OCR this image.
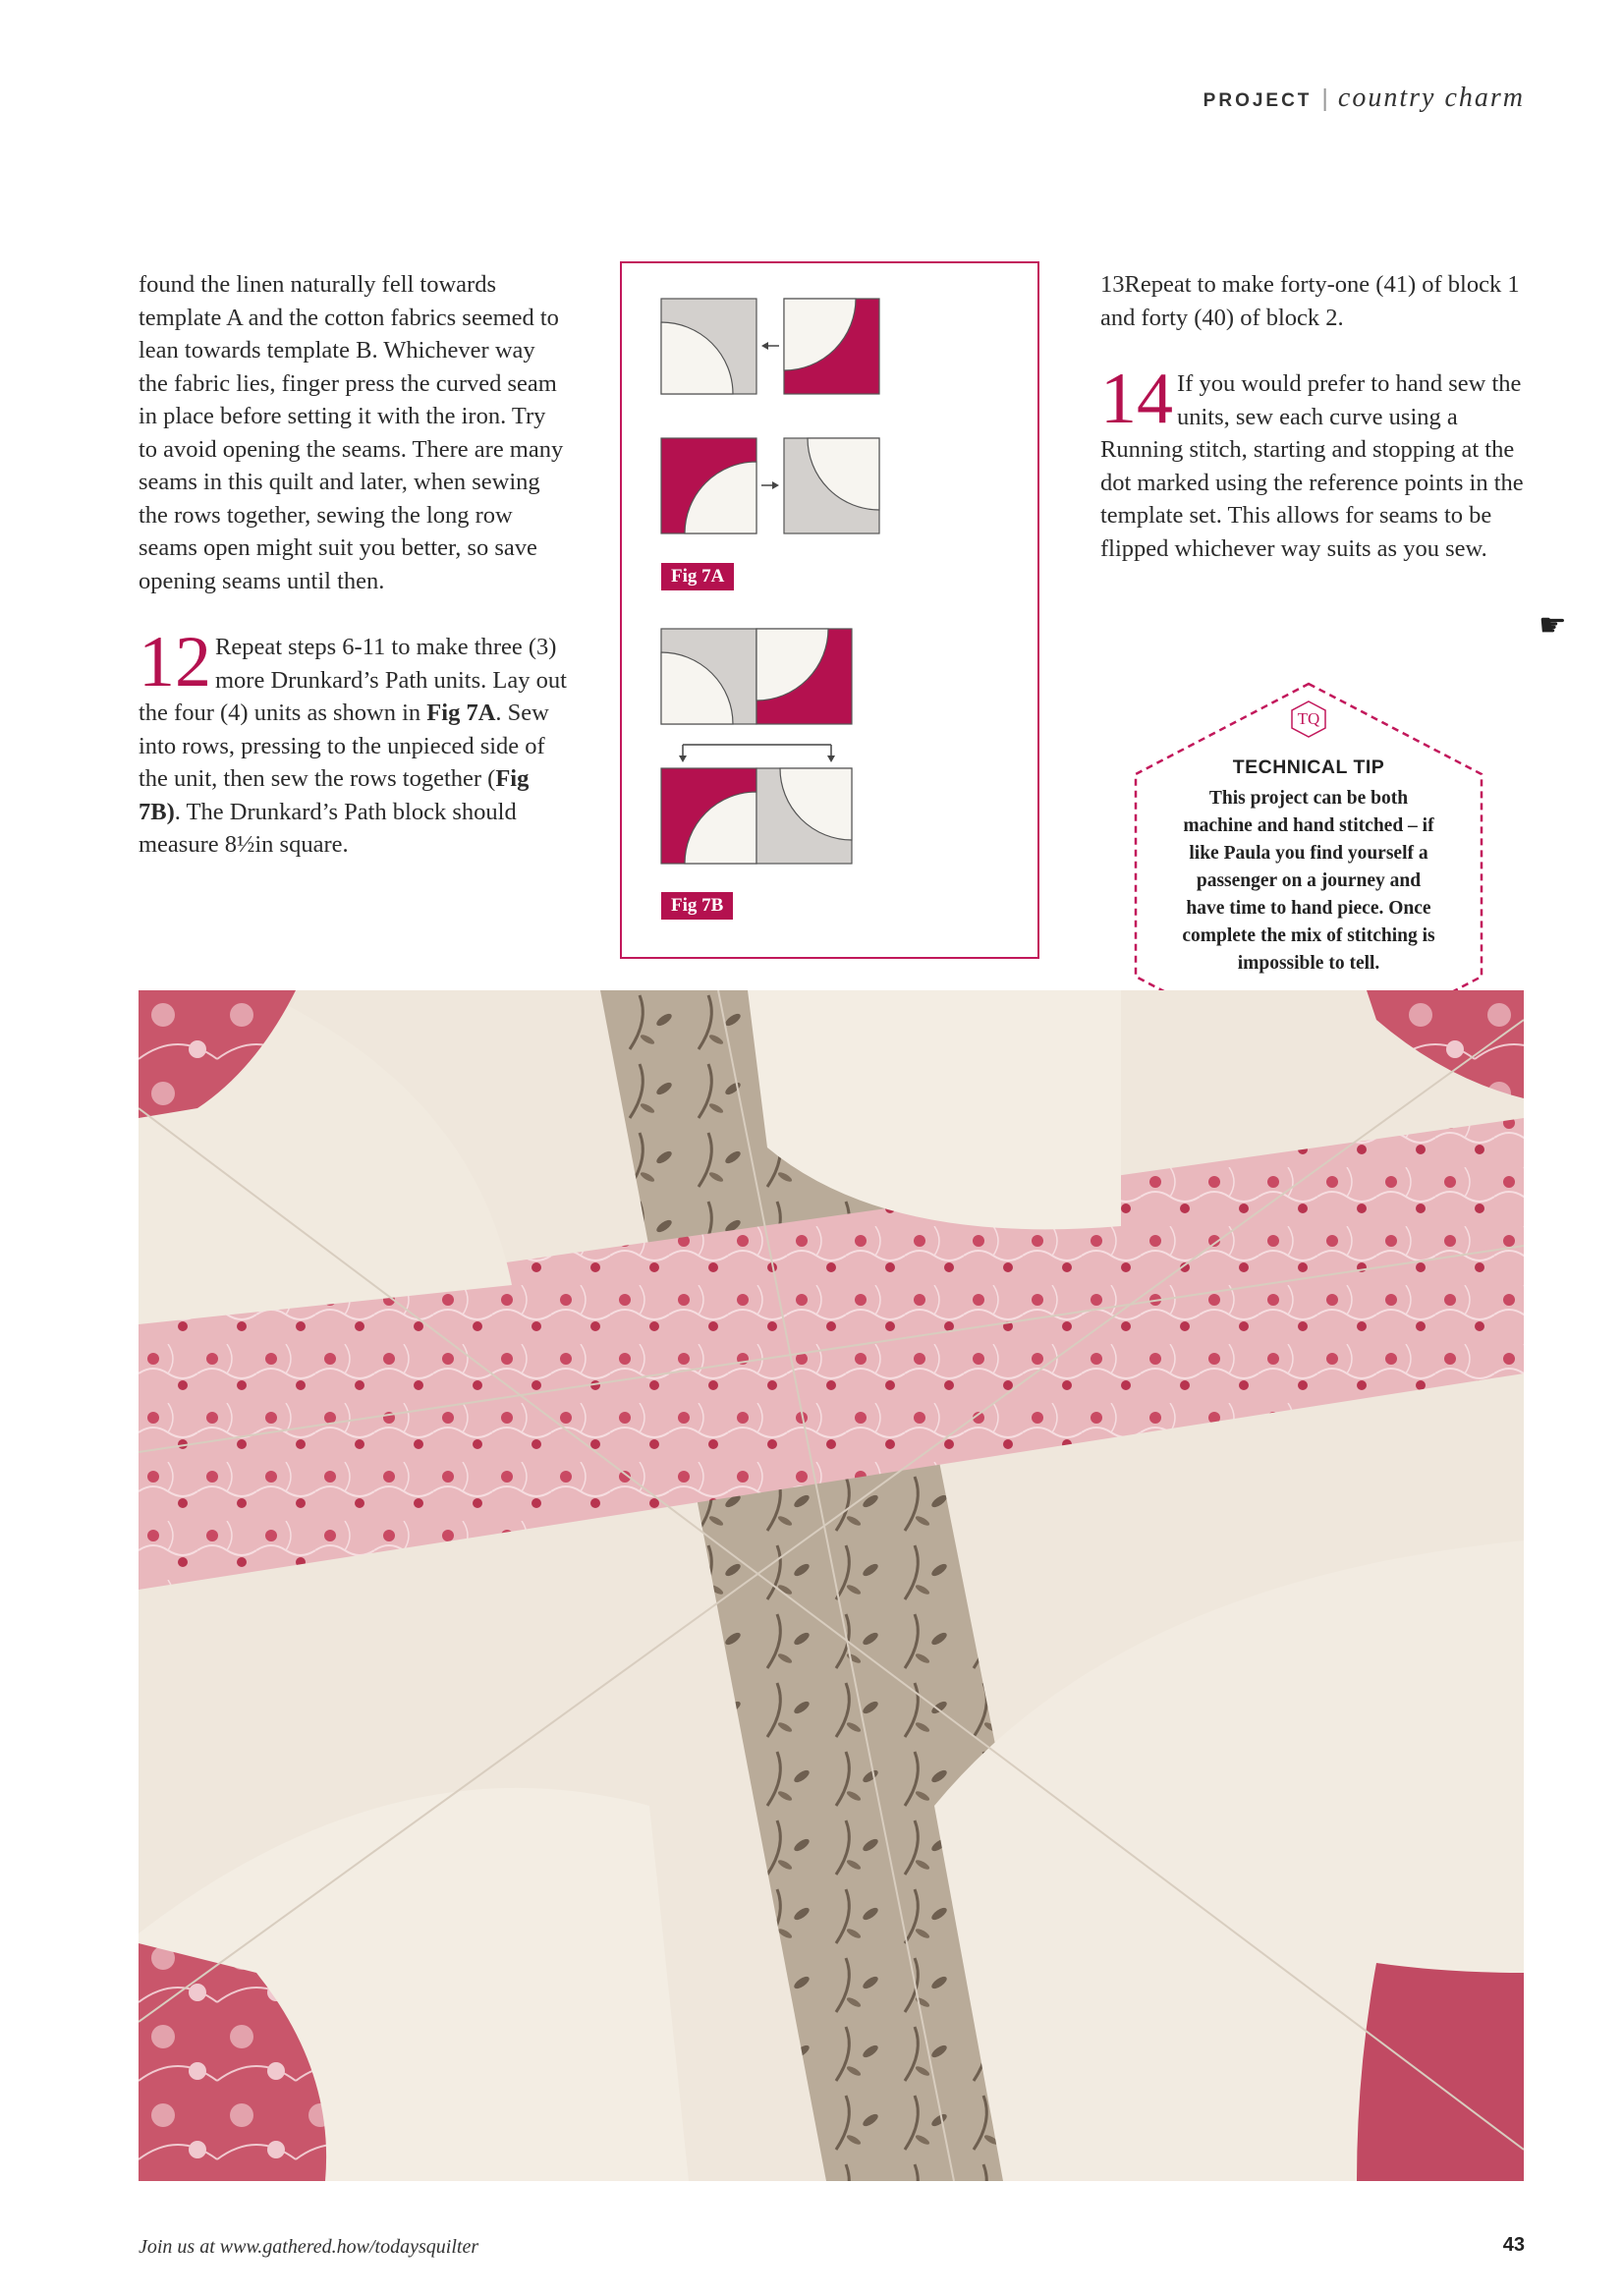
PROJECT | country charm

found the linen naturally fell towards template A and the cotton fabrics seemed to lean towards template B. Whichever way the fabric lies, finger press the curved seam in place before setting it with the iron. Try to avoid opening the seams. There are many seams in this quilt and later, when sewing the rows together, sewing the long row seams open might suit you better, so save opening seams until then.

12 Repeat steps 6-11 to make three (3) more Drunkard’s Path units. Lay out the four (4) units as shown in Fig 7A. Sew into rows, pressing to the unpieced side of the unit, then sew the rows together (Fig 7B). The Drunkard’s Path block should measure 8½in square.
Fig 7A
Fig 7B
13Repeat to make forty-one (41) of block 1 and forty (40) of block 2.
14 If you would prefer to hand sew the units, sew each curve using a Running stitch, starting and stopping at the dot marked using the reference points in the template set. This allows for seams to be flipped whichever way suits as you sew.
☛
TQ
TECHNICAL TIP
This project can be both machine and hand stitched – if like Paula you find yourself a passenger on a journey and have time to hand piece. Once complete the mix of stitching is impossible to tell.
Join us at www.gathered.how/todaysquilter	43
